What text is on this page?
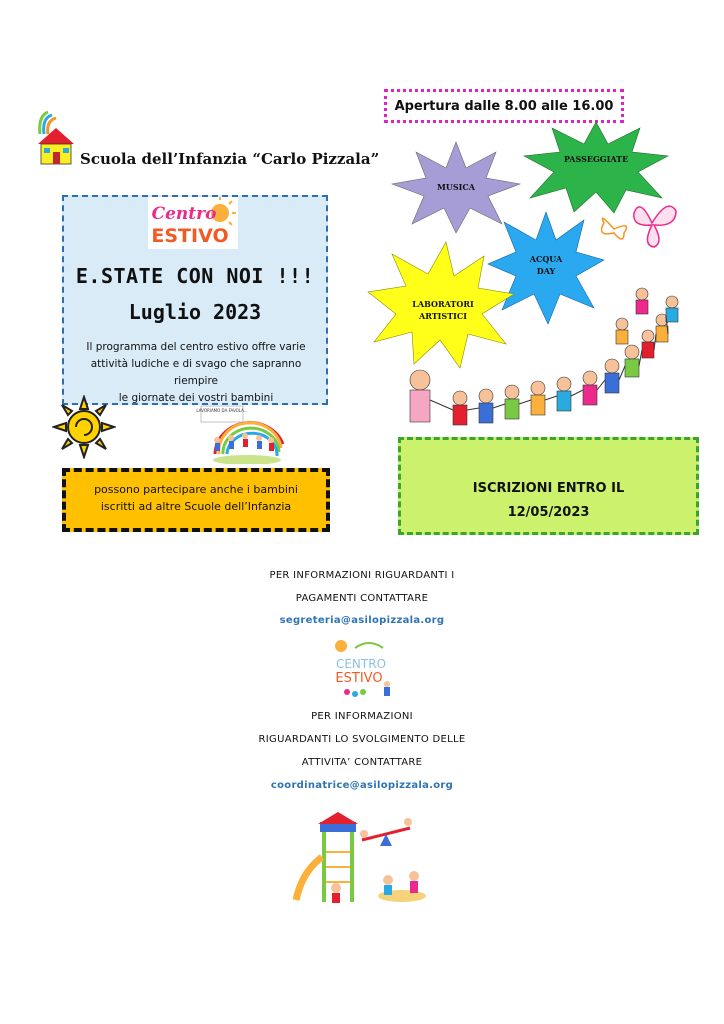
Scuola dell’Infanzia “Carlo Pizzala”
Apertura dalle 8.00 alle 16.00
Centro
ESTIVO
E.STATE CON NOI !!!
Luglio 2023
Il programma del centro estivo offre varie
attività ludiche e di svago che sapranno riempire
le giornate dei vostri bambini
LAVORIAMO DA FAVOLA...
possono partecipare anche i bambini
iscritti ad altre Scuole dell’Infanzia
MUSICA
PASSEGGIATE
ACQUA
DAY
LABORATORI
ARTISTICI
ISCRIZIONI ENTRO IL
12/05/2023
PER INFORMAZIONI RIGUARDANTI I
PAGAMENTI CONTATTARE
segreteria@asilopizzala.org
CENTRO
ESTIVO
PER INFORMAZIONI
RIGUARDANTI LO SVOLGIMENTO DELLE
ATTIVITA’ CONTATTARE
coordinatrice@asilopizzala.org
